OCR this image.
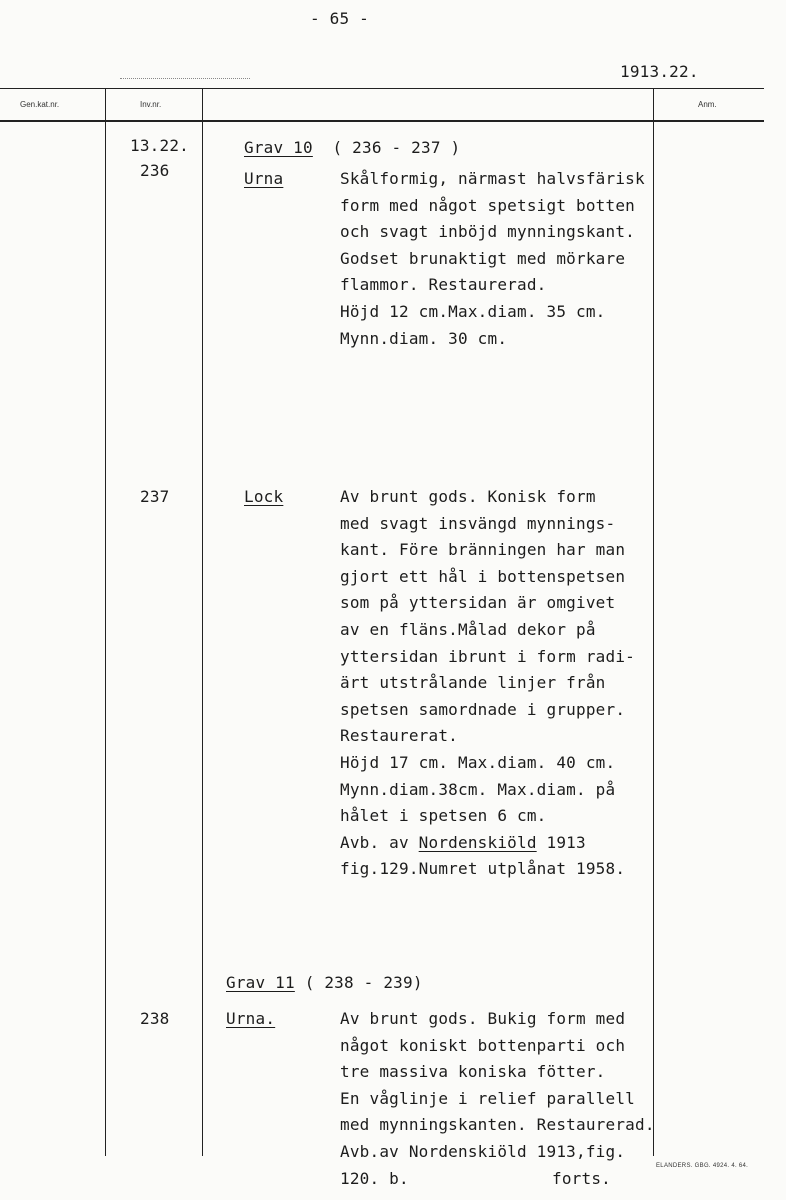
- 65 -
1913.22.
Gen.kat.nr.	Inv.nr.	Anm.
13.22.	Grav 10 ( 236 - 237 )
236	Urna	Skålformig, närmast halvsfärisk
form med något spetsigt botten
och svagt inböjd mynningskant.
Godset brunaktigt med mörkare
flammor. Restaurerad.
Höjd 12 cm.Max.diam. 35 cm.
Mynn.diam. 30 cm.
237	Lock	Av brunt gods. Konisk form
med svagt insvängd mynnings-
kant. Före bränningen har man
gjort ett hål i bottenspetsen
som på yttersidan är omgivet
av en fläns.Målad dekor på
yttersidan ibrunt i form radi-
ärt utstrålande linjer från
spetsen samordnade i grupper.
Restaurerat.
Höjd 17 cm. Max.diam. 40 cm.
Mynn.diam.38cm. Max.diam. på
hålet i spetsen 6 cm.
Avb. av Nordenskiöld 1913
fig.129.Numret utplånat 1958.
Grav 11 ( 238 - 239)
238	Urna.	Av brunt gods. Bukig form med
något koniskt bottenparti och
tre massiva koniska fötter.
En våglinje i relief parallell
med mynningskanten. Restaurerad.
Avb.av Nordenskiöld 1913,fig.
120. b.	forts.
ELANDERS. GBG. 4924. 4. 64.
